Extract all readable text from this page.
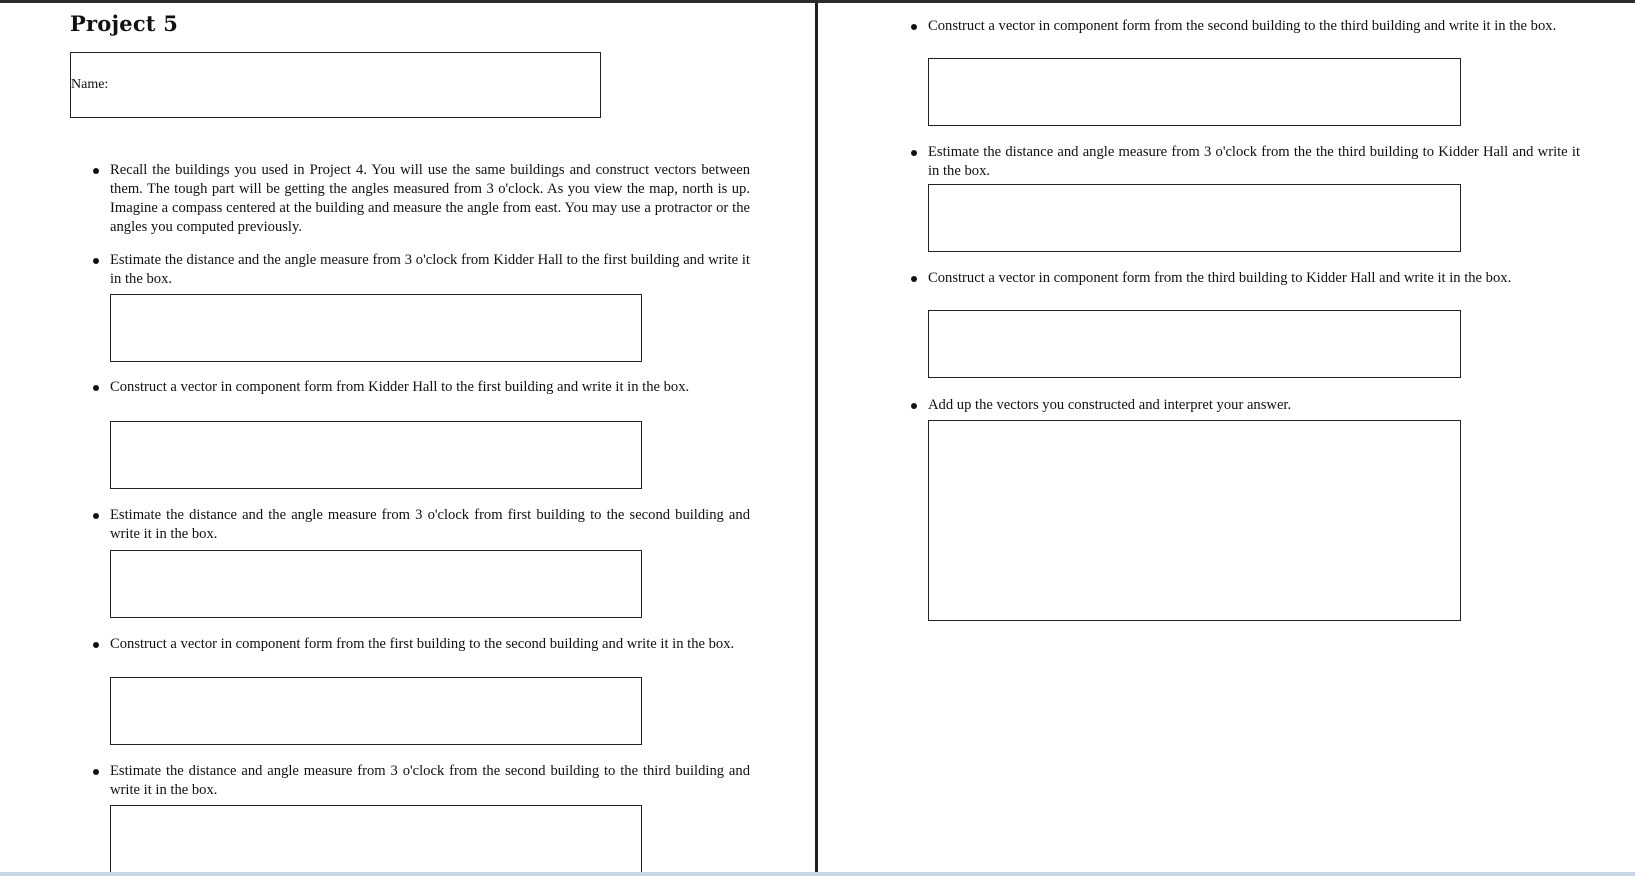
Project 5
Name:
Recall the buildings you used in Project 4. You will use the same buildings and construct vectors between them. The tough part will be getting the angles measured from 3 o'clock. As you view the map, north is up. Imagine a compass centered at the building and measure the angle from east. You may use a protractor or the angles you computed previously.
Estimate the distance and the angle measure from 3 o'clock from Kidder Hall to the first building and write it in the box.
Construct a vector in component form from Kidder Hall to the first building and write it in the box.
Estimate the distance and the angle measure from 3 o'clock from first building to the second building and write it in the box.
Construct a vector in component form from the first building to the second building and write it in the box.
Estimate the distance and angle measure from 3 o'clock from the second building to the third building and write it in the box.
Construct a vector in component form from the second building to the third building and write it in the box.
Estimate the distance and angle measure from 3 o'clock from the the third building to Kidder Hall and write it in the box.
Construct a vector in component form from the third building to Kidder Hall and write it in the box.
Add up the vectors you constructed and interpret your answer.
